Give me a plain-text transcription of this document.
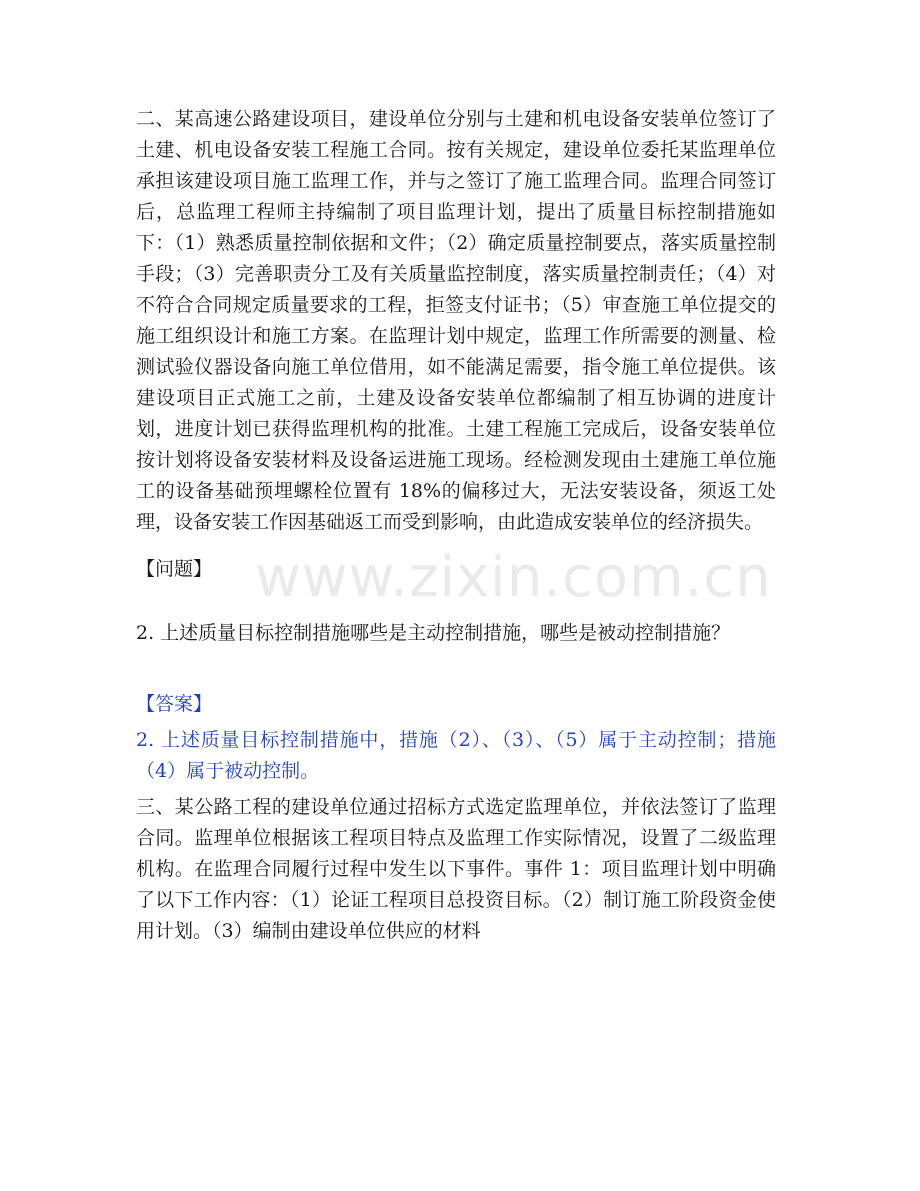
二、某高速公路建设项目，建设单位分别与土建和机电设备安装单位签订了土建、机电设备安装工程施工合同。按有关规定，建设单位委托某监理单位承担该建设项目施工监理工作，并与之签订了施工监理合同。监理合同签订后，总监理工程师主持编制了项目监理计划，提出了质量目标控制措施如下：（1）熟悉质量控制依据和文件；（2）确定质量控制要点，落实质量控制手段；（3）完善职责分工及有关质量监控制度，落实质量控制责任；（4）对不符合合同规定质量要求的工程，拒签支付证书；（5）审查施工单位提交的施工组织设计和施工方案。在监理计划中规定，监理工作所需要的测量、检测试验仪器设备向施工单位借用，如不能满足需要，指令施工单位提供。该建设项目正式施工之前，土建及设备安装单位都编制了相互协调的进度计划，进度计划已获得监理机构的批准。土建工程施工完成后，设备安装单位按计划将设备安装材料及设备运进施工现场。经检测发现由土建施工单位施工的设备基础预埋螺栓位置有 18%的偏移过大，无法安装设备，须返工处理，设备安装工作因基础返工而受到影响，由此造成安装单位的经济损失。

【问题】

2. 上述质量目标控制措施哪些是主动控制措施，哪些是被动控制措施？

【答案】

2. 上述质量目标控制措施中，措施（2）、（3）、（5）属于主动控制；措施（4）属于被动控制。

三、某公路工程的建设单位通过招标方式选定监理单位，并依法签订了监理合同。监理单位根据该工程项目特点及监理工作实际情况，设置了二级监理机构。在监理合同履行过程中发生以下事件。事件 1：项目监理计划中明确了以下工作内容：（1）论证工程项目总投资目标。（2）制订施工阶段资金使用计划。（3）编制由建设单位供应的材料

www.zixin.com.cn
